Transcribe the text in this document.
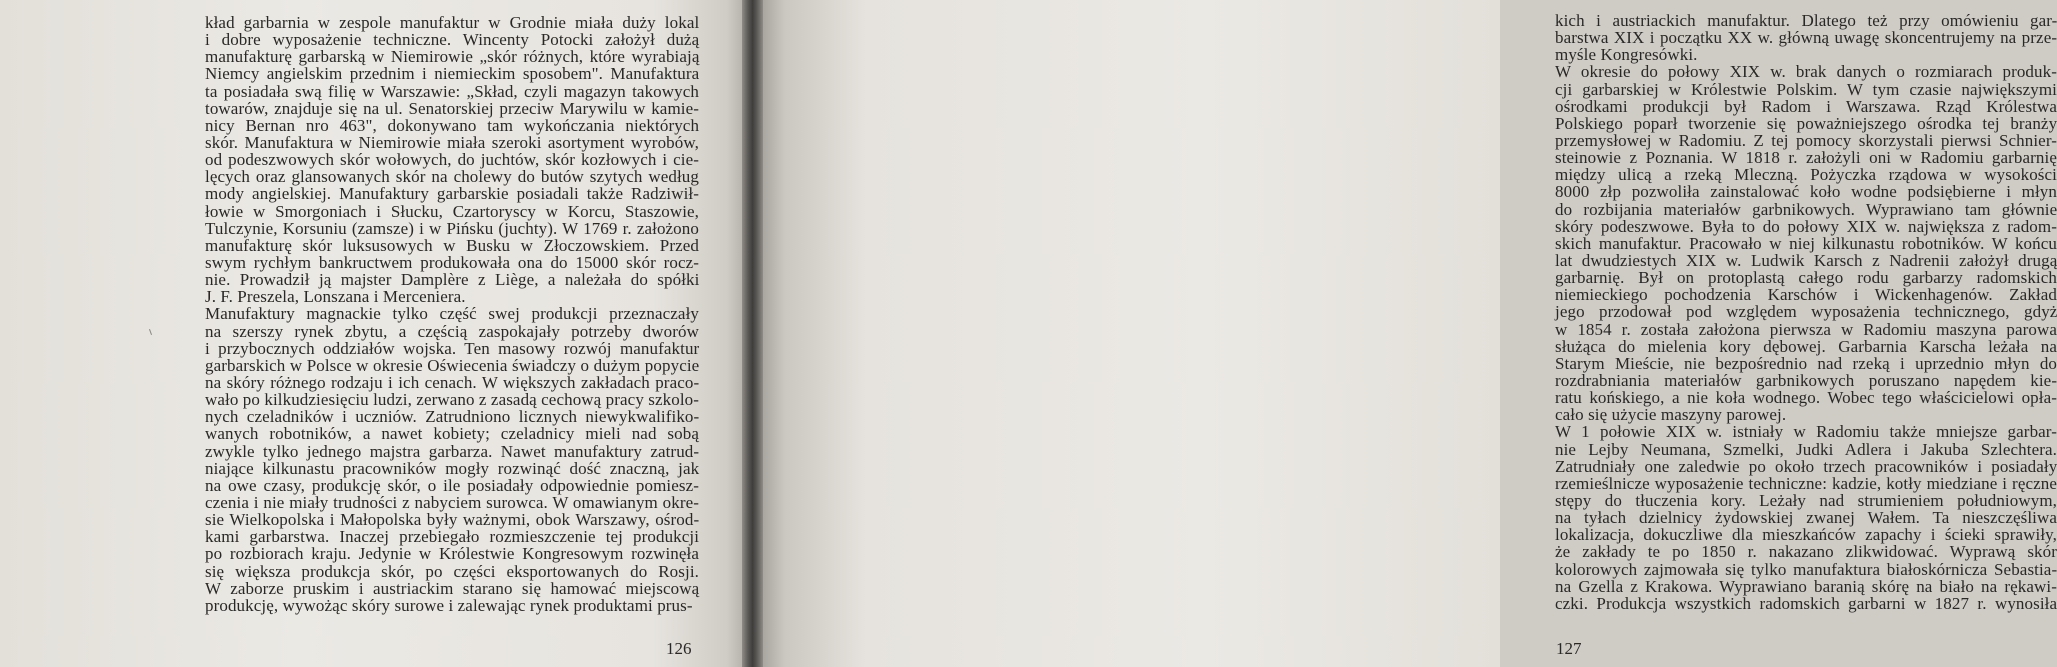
kład garbarnia w zespole manufaktur w Grodnie miała duży lokal
i dobre wyposażenie techniczne. Wincenty Potocki założył dużą
manufakturę garbarską w Niemirowie „skór różnych, które wyrabiają
Niemcy angielskim przednim i niemieckim sposobem". Manufaktura
ta posiadała swą filię w Warszawie: „Skład, czyli magazyn takowych
towarów, znajduje się na ul. Senatorskiej przeciw Marywilu w kamie-
nicy Bernan nro 463", dokonywano tam wykończania niektórych
skór. Manufaktura w Niemirowie miała szeroki asortyment wyrobów,
od podeszwowych skór wołowych, do juchtów, skór kozłowych i cie-
lęcych oraz glansowanych skór na cholewy do butów szytych według
mody angielskiej. Manufaktury garbarskie posiadali także Radziwił-
łowie w Smorgoniach i Słucku, Czartoryscy w Korcu, Staszowie,
Tulczynie, Korsuniu (zamsze) i w Pińsku (juchty). W 1769 r. założono
manufakturę skór luksusowych w Busku w Złoczowskiem. Przed
swym rychłym bankructwem produkowała ona do 15000 skór rocz-
nie. Prowadził ją majster Damplère z Liège, a należała do spółki
J. F. Preszela, Lonszana i Merceniera.
Manufaktury magnackie tylko część swej produkcji przeznaczały
na szerszy rynek zbytu, a częścią zaspokajały potrzeby dworów
i przybocznych oddziałów wojska. Ten masowy rozwój manufaktur
garbarskich w Polsce w okresie Oświecenia świadczy o dużym popycie
na skóry różnego rodzaju i ich cenach. W większych zakładach praco-
wało po kilkudziesięciu ludzi, zerwano z zasadą cechową pracy szkolo-
nych czeladników i uczniów. Zatrudniono licznych niewykwalifiko-
wanych robotników, a nawet kobiety; czeladnicy mieli nad sobą
zwykle tylko jednego majstra garbarza. Nawet manufaktury zatrud-
niające kilkunastu pracowników mogły rozwinąć dość znaczną, jak
na owe czasy, produkcję skór, o ile posiadały odpowiednie pomiesz-
czenia i nie miały trudności z nabyciem surowca. W omawianym okre-
sie Wielkopolska i Małopolska były ważnymi, obok Warszawy, ośrod-
kami garbarstwa. Inaczej przebiegało rozmieszczenie tej produkcji
po rozbiorach kraju. Jedynie w Królestwie Kongresowym rozwinęła
się większa produkcja skór, po części eksportowanych do Rosji.
W zaborze pruskim i austriackim starano się hamować miejscową
produkcję, wywożąc skóry surowe i zalewając rynek produktami prus-
126
kich i austriackich manufaktur. Dlatego też przy omówieniu gar-
barstwa XIX i początku XX w. główną uwagę skoncentrujemy na prze-
myśle Kongresówki.
W okresie do połowy XIX w. brak danych o rozmiarach produk-
cji garbarskiej w Królestwie Polskim. W tym czasie największymi
ośrodkami produkcji był Radom i Warszawa. Rząd Królestwa
Polskiego poparł tworzenie się poważniejszego ośrodka tej branży
przemysłowej w Radomiu. Z tej pomocy skorzystali pierwsi Schnier-
steinowie z Poznania. W 1818 r. założyli oni w Radomiu garbarnię
między ulicą a rzeką Mleczną. Pożyczka rządowa w wysokości
8000 złp pozwoliła zainstalować koło wodne podsiębierne i młyn
do rozbijania materiałów garbnikowych. Wyprawiano tam głównie
skóry podeszwowe. Była to do połowy XIX w. największa z radom-
skich manufaktur. Pracowało w niej kilkunastu robotników. W końcu
lat dwudziestych XIX w. Ludwik Karsch z Nadrenii założył drugą
garbarnię. Był on protoplastą całego rodu garbarzy radomskich
niemieckiego pochodzenia Karschów i Wickenhagenów. Zakład
jego przodował pod względem wyposażenia technicznego, gdyż
w 1854 r. została założona pierwsza w Radomiu maszyna parowa
służąca do mielenia kory dębowej. Garbarnia Karscha leżała na
Starym Mieście, nie bezpośrednio nad rzeką i uprzednio młyn do
rozdrabniania materiałów garbnikowych poruszano napędem kie-
ratu końskiego, a nie koła wodnego. Wobec tego właścicielowi opła-
cało się użycie maszyny parowej.
W 1 połowie XIX w. istniały w Radomiu także mniejsze garbar-
nie Lejby Neumana, Szmelki, Judki Adlera i Jakuba Szlechtera.
Zatrudniały one zaledwie po około trzech pracowników i posiadały
rzemieślnicze wyposażenie techniczne: kadzie, kotły miedziane i ręczne
stępy do tłuczenia kory. Leżały nad strumieniem południowym,
na tyłach dzielnicy żydowskiej zwanej Wałem. Ta nieszczęśliwa
lokalizacja, dokuczliwe dla mieszkańców zapachy i ścieki sprawiły,
że zakłady te po 1850 r. nakazano zlikwidować. Wyprawą skór
kolorowych zajmowała się tylko manufaktura białoskórnicza Sebastia-
na Gzella z Krakowa. Wyprawiano baranią skórę na biało na rękawi-
czki. Produkcja wszystkich radomskich garbarni w 1827 r. wynosiła
127
